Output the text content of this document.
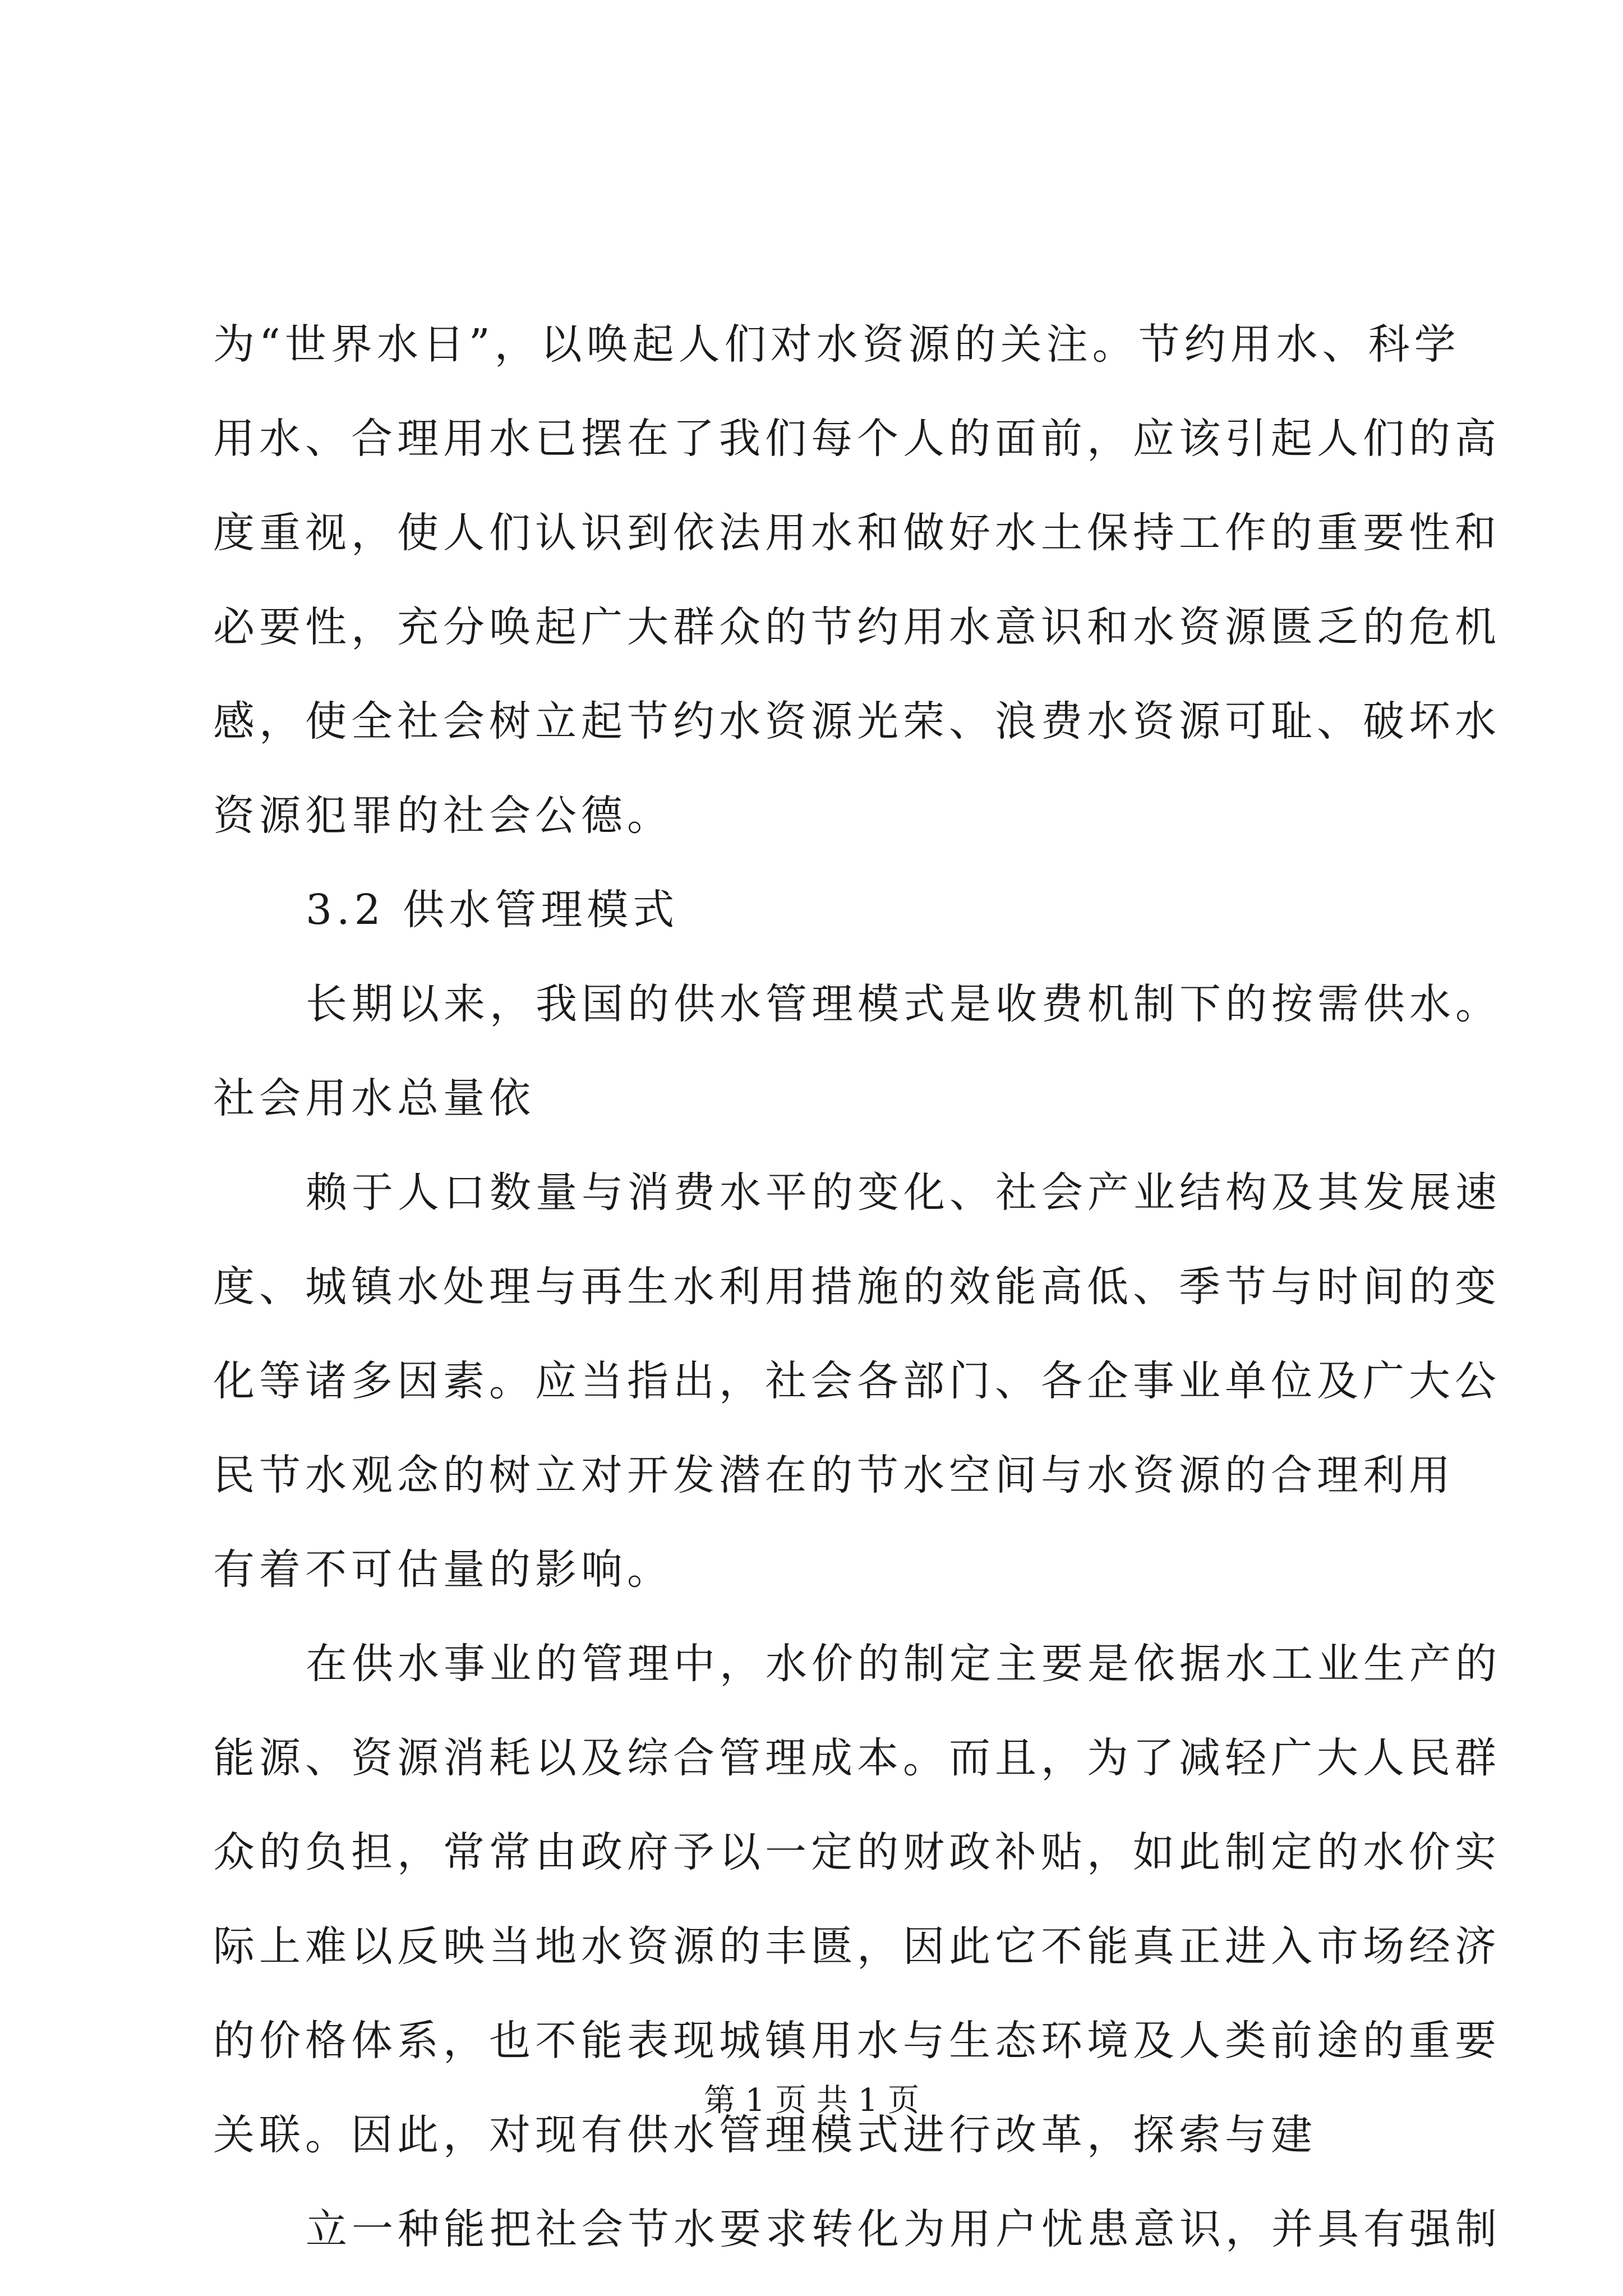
为“世界水日”，以唤起人们对水资源的关注。节约用水、科学
用水、合理用水已摆在了我们每个人的面前，应该引起人们的高
度重视，使人们认识到依法用水和做好水土保持工作的重要性和
必要性，充分唤起广大群众的节约用水意识和水资源匮乏的危机
感，使全社会树立起节约水资源光荣、浪费水资源可耻、破坏水
资源犯罪的社会公德。
3.2 供水管理模式
长期以来，我国的供水管理模式是收费机制下的按需供水。
社会用水总量依
赖于人口数量与消费水平的变化、社会产业结构及其发展速
度、城镇水处理与再生水利用措施的效能高低、季节与时间的变
化等诸多因素。应当指出，社会各部门、各企事业单位及广大公
民节水观念的树立对开发潜在的节水空间与水资源的合理利用
有着不可估量的影响。
在供水事业的管理中，水价的制定主要是依据水工业生产的
能源、资源消耗以及综合管理成本。而且，为了减轻广大人民群
众的负担，常常由政府予以一定的财政补贴，如此制定的水价实
际上难以反映当地水资源的丰匮，因此它不能真正进入市场经济
的价格体系，也不能表现城镇用水与生态环境及人类前途的重要
关联。因此，对现有供水管理模式进行改革，探索与建
立一种能把社会节水要求转化为用户忧患意识，并具有强制
第 1 页 共 1 页
